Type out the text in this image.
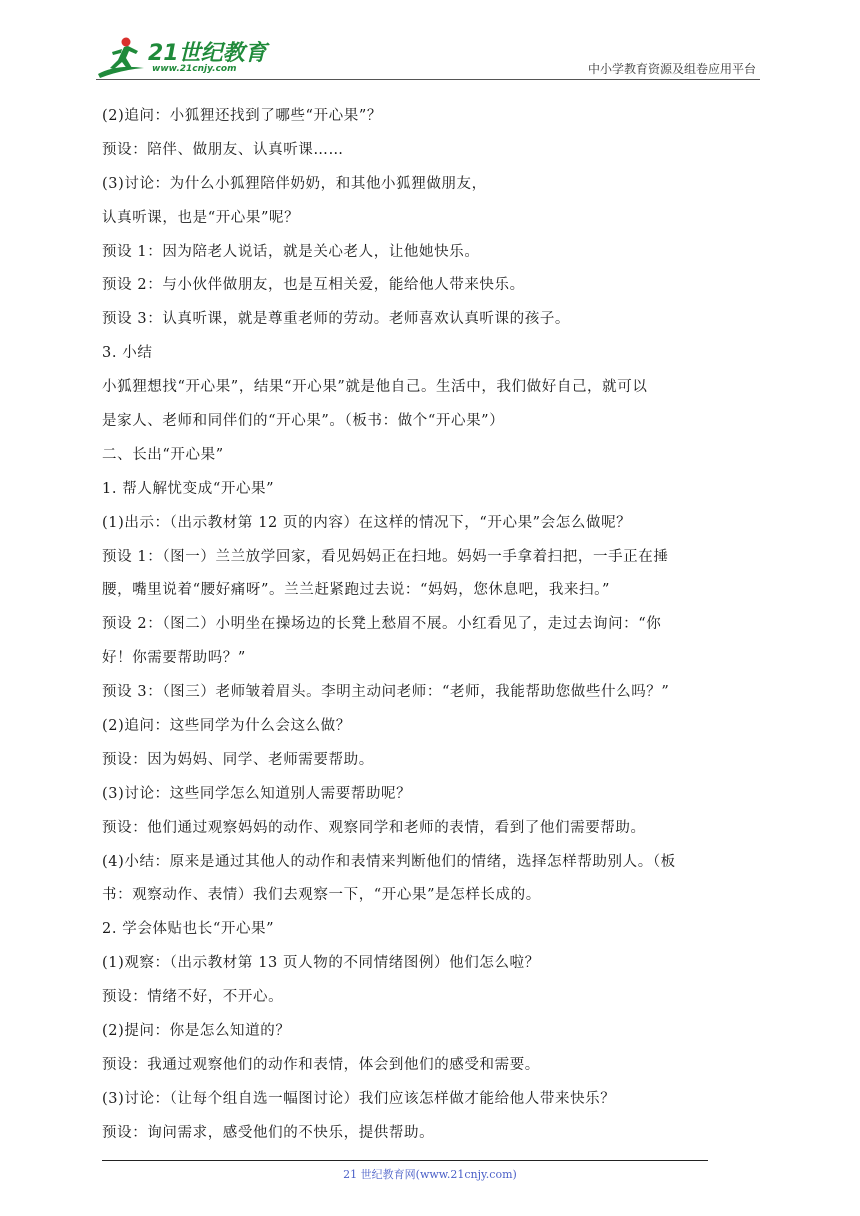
21世纪教育
www.21cnjy.com	中小学教育资源及组卷应用平台
(2)追问：小狐狸还找到了哪些“开心果”？
预设：陪伴、做朋友、认真听课……
(3)讨论：为什么小狐狸陪伴奶奶，和其他小狐狸做朋友，
认真听课，也是“开心果”呢？
预设 1：因为陪老人说话，就是关心老人，让他她快乐。
预设 2：与小伙伴做朋友，也是互相关爱，能给他人带来快乐。
预设 3：认真听课，就是尊重老师的劳动。老师喜欢认真听课的孩子。
3. 小结
小狐狸想找“开心果”，结果“开心果”就是他自己。生活中，我们做好自己，就可以
是家人、老师和同伴们的“开心果”。（板书：做个“开心果”）
二、长出“开心果”
1. 帮人解忧变成“开心果”
(1)出示：（出示教材第 12 页的内容）在这样的情况下，“开心果”会怎么做呢？
预设 1：（图一）兰兰放学回家，看见妈妈正在扫地。妈妈一手拿着扫把，一手正在捶
腰，嘴里说着“腰好痛呀”。兰兰赶紧跑过去说：“妈妈，您休息吧，我来扫。”
预设 2：（图二）小明坐在操场边的长凳上愁眉不展。小红看见了，走过去询问：“你
好！你需要帮助吗？”
预设 3：（图三）老师皱着眉头。李明主动问老师：“老师，我能帮助您做些什么吗？”
(2)追问：这些同学为什么会这么做？
预设：因为妈妈、同学、老师需要帮助。
(3)讨论：这些同学怎么知道别人需要帮助呢？
预设：他们通过观察妈妈的动作、观察同学和老师的表情，看到了他们需要帮助。
(4)小结：原来是通过其他人的动作和表情来判断他们的情绪，选择怎样帮助别人。（板
书：观察动作、表情）我们去观察一下，“开心果”是怎样长成的。
2. 学会体贴也长“开心果”
(1)观察：（出示教材第 13 页人物的不同情绪图例）他们怎么啦？
预设：情绪不好，不开心。
(2)提问：你是怎么知道的？
预设：我通过观察他们的动作和表情，体会到他们的感受和需要。
(3)讨论：（让每个组自选一幅图讨论）我们应该怎样做才能给他人带来快乐？
预设：询问需求，感受他们的不快乐，提供帮助。
21 世纪教育网(www.21cnjy.com)
